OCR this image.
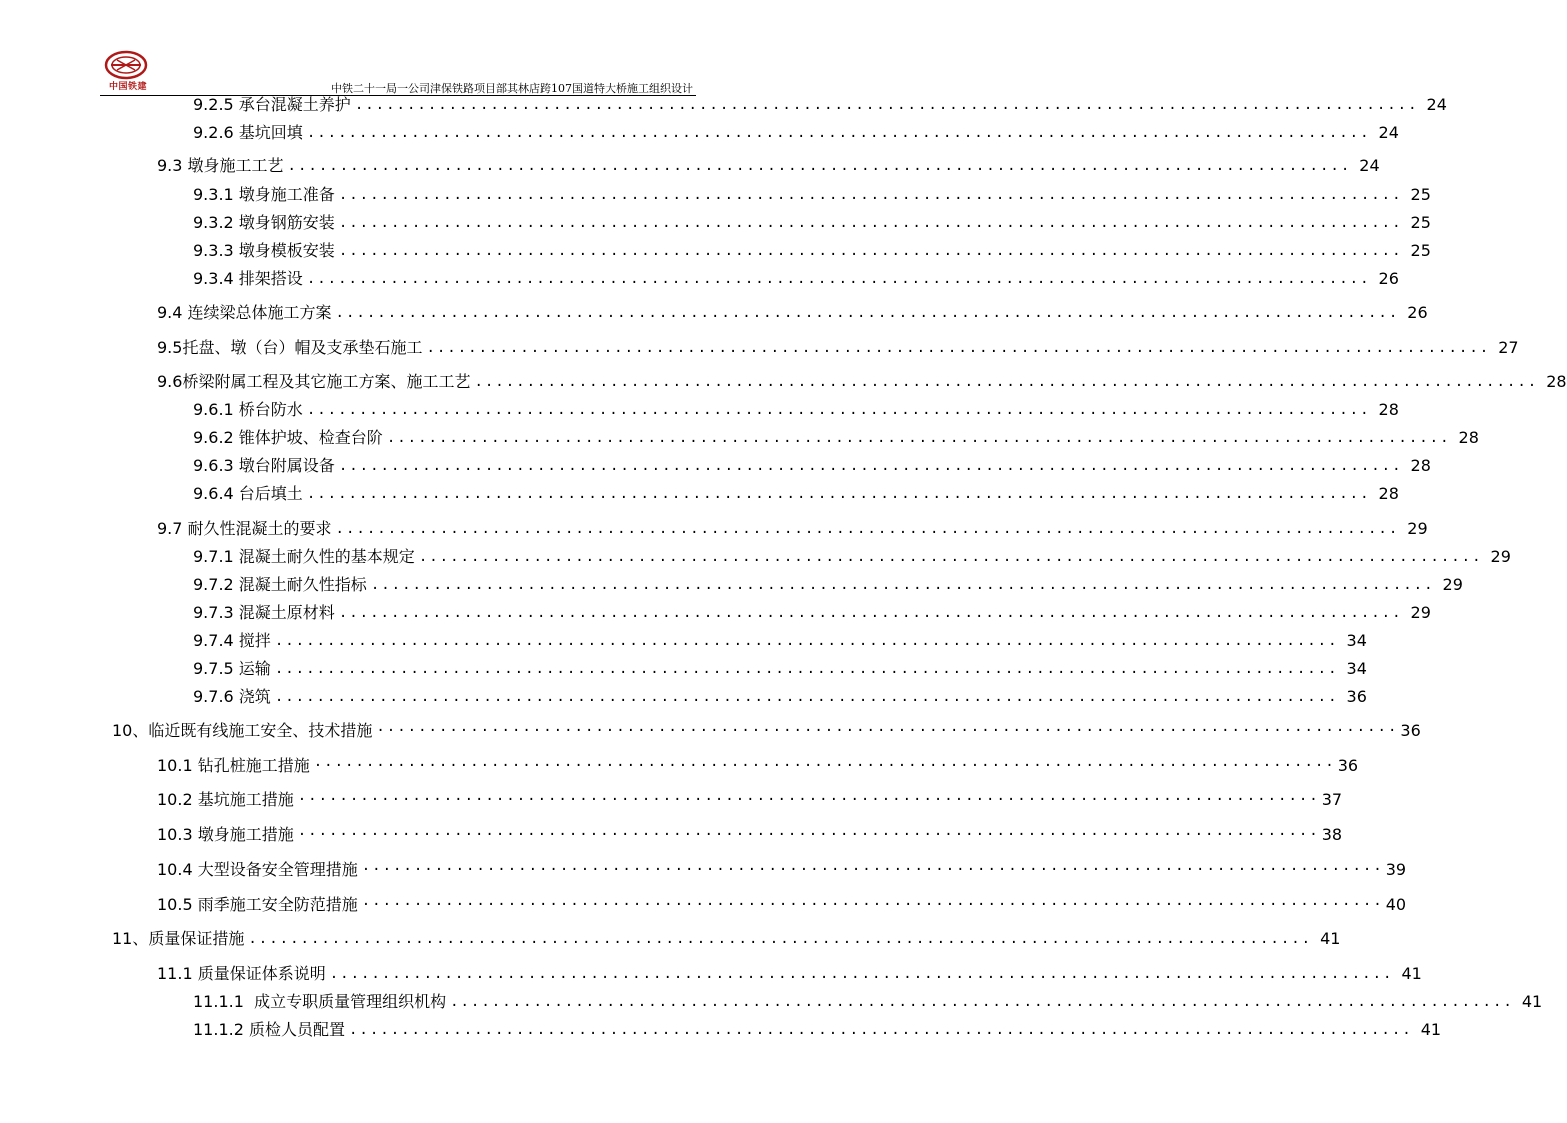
中国铁建	中铁二十一局一公司津保铁路项目部其林店跨107国道特大桥施工组织设计
9.2.5 承台混凝土养护 ...................................................................................................... 24
9.2.6 基坑回填 ...................................................................................................... 24
9.3 墩身施工工艺 ...................................................................................................... 24
9.3.1 墩身施工准备 ...................................................................................................... 25
9.3.2 墩身钢筋安装 ...................................................................................................... 25
9.3.3 墩身模板安装 ...................................................................................................... 25
9.3.4 排架搭设 ...................................................................................................... 26
9.4 连续梁总体施工方案 ...................................................................................................... 26
9.5托盘、墩（台）帽及支承垫石施工 ...................................................................................................... 27
9.6桥梁附属工程及其它施工方案、施工工艺 ...................................................................................................... 28
9.6.1 桥台防水 ...................................................................................................... 28
9.6.2 锥体护坡、检查台阶 ...................................................................................................... 28
9.6.3 墩台附属设备 ...................................................................................................... 28
9.6.4 台后填土 ...................................................................................................... 28
9.7 耐久性混凝土的要求 ...................................................................................................... 29
9.7.1 混凝土耐久性的基本规定 ...................................................................................................... 29
9.7.2 混凝土耐久性指标 ...................................................................................................... 29
9.7.3 混凝土原材料 ...................................................................................................... 29
9.7.4 搅拌 ...................................................................................................... 34
9.7.5 运输 ...................................................................................................... 34
9.7.6 浇筑 ...................................................................................................... 36
10、临近既有线施工安全、技术措施 ·································································································· 36
10.1 钻孔桩施工措施 ·································································································· 36
10.2 基坑施工措施 ·································································································· 37
10.3 墩身施工措施 ·································································································· 38
10.4 大型设备安全管理措施 ·································································································· 39
10.5 雨季施工安全防范措施 ·································································································· 40
11、质量保证措施 ...................................................................................................... 41
11.1 质量保证体系说明 ...................................................................................................... 41
11.1.1  成立专职质量管理组织机构 ...................................................................................................... 41
11.1.2 质检人员配置 ...................................................................................................... 41
